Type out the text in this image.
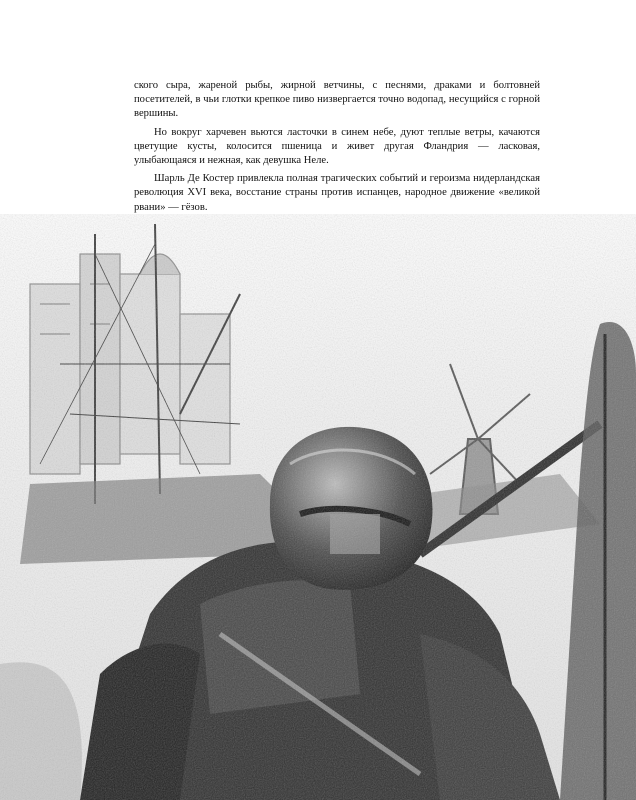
ского сыра, жареной рыбы, жирной ветчины, с песнями, драками и болтовней посетителей, в чьи глотки крепкое пиво низвергается точно водопад, несущийся с горной вершины.

Но вокруг харчевен вьются ласточки в синем небе, дуют теплые ветры, качаются цветущие кусты, колосится пшеница и живет другая Фландрия — ласковая, улыбающаяся и нежная, как девушка Неле.

Шарль Де Костер привлекла полная трагических событий и героизма нидерландская революция XVI века, восстание страны против испанцев, народное движение «великой рвани» — гёзов.
